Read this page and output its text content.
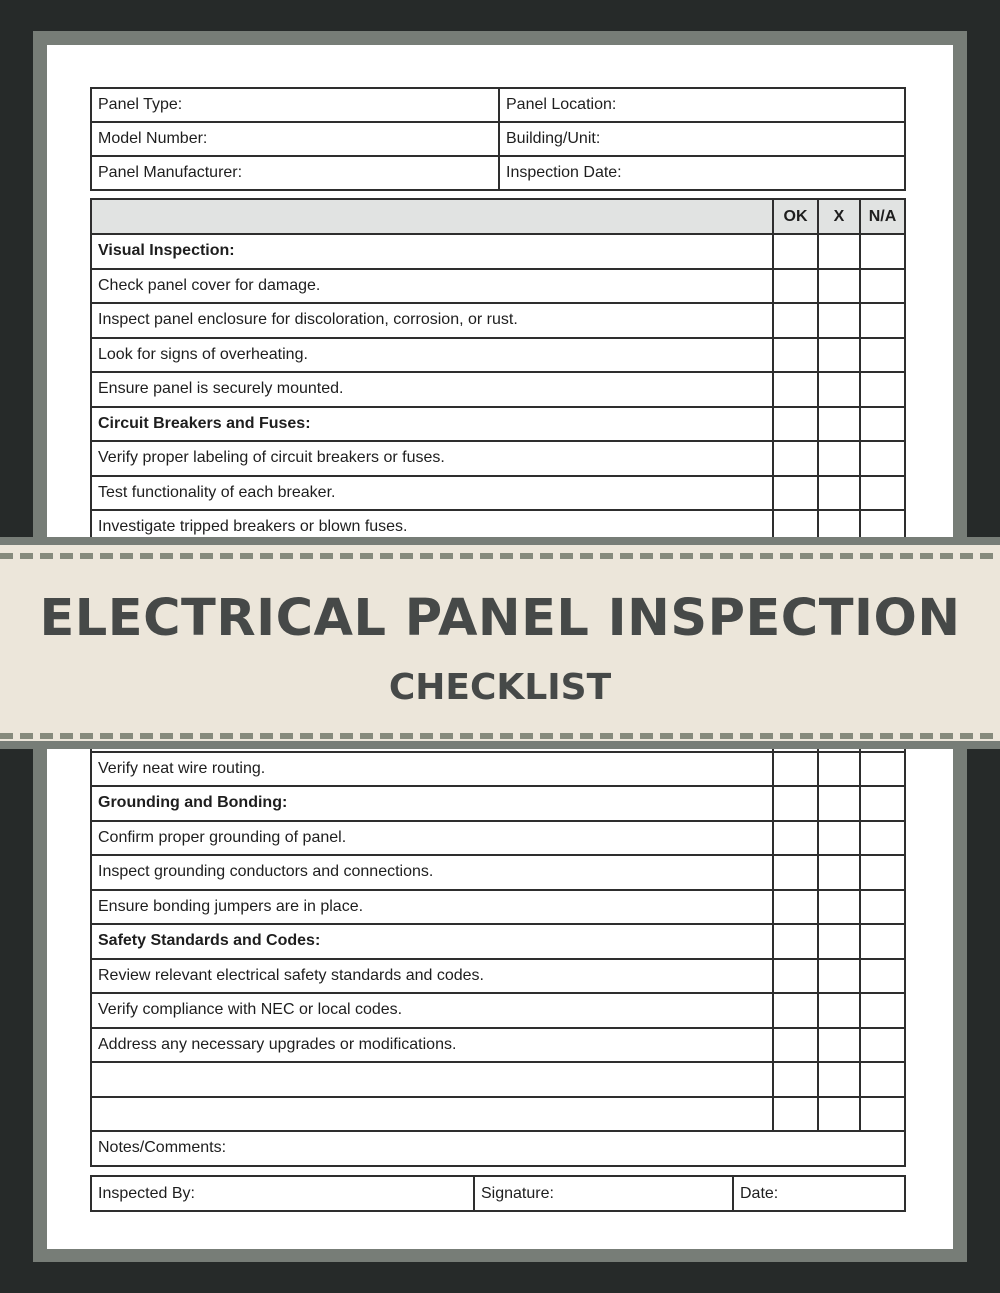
Panel Type:	Panel Location:
Model Number:	Building/Unit:
Panel Manufacturer:	Inspection Date:
	OK	X	N/A
Visual Inspection:			
Check panel cover for damage.			
Inspect panel enclosure for discoloration, corrosion, or rust.			
Look for signs of overheating.			
Ensure panel is securely mounted.			
Circuit Breakers and Fuses:			
Verify proper labeling of circuit breakers or fuses.			
Test functionality of each breaker.			
Investigate tripped breakers or blown fuses.			

Verify neat wire routing.			
Grounding and Bonding:			
Confirm proper grounding of panel.			
Inspect grounding conductors and connections.			
Ensure bonding jumpers are in place.			
Safety Standards and Codes:			
Review relevant electrical safety standards and codes.			
Verify compliance with NEC or local codes.			
Address any necessary upgrades or modifications.			

Notes/Comments:			
Inspected By:	Signature:	Date:
ELECTRICAL PANEL INSPECTION
CHECKLIST
